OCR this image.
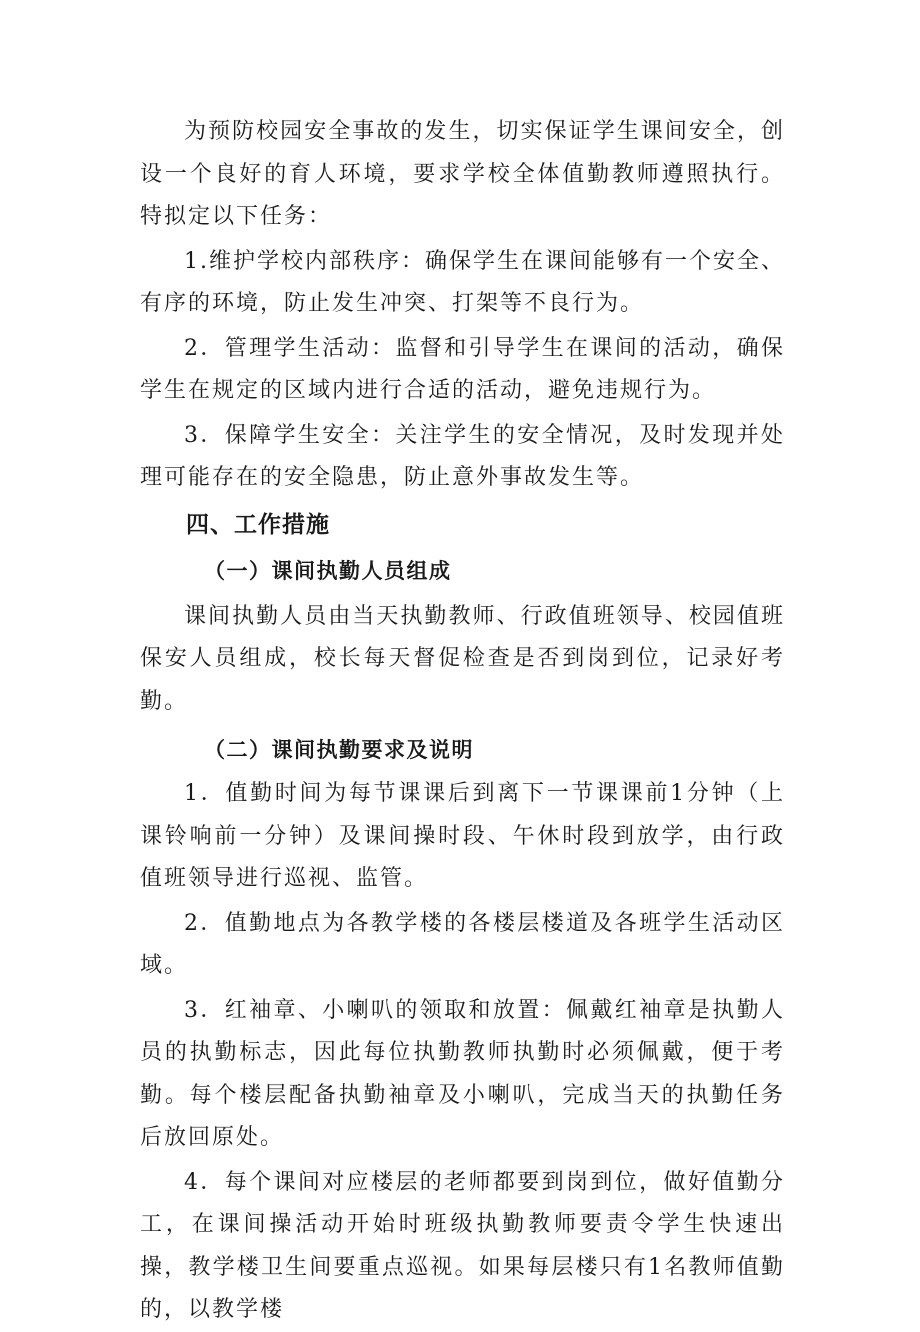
为预防校园安全事故的发生，切实保证学生课间安全，创设一个良好的育人环境，要求学校全体值勤教师遵照执行。特拟定以下任务：

1.维护学校内部秩序：确保学生在课间能够有一个安全、有序的环境，防止发生冲突、打架等不良行为。

2．管理学生活动：监督和引导学生在课间的活动，确保学生在规定的区域内进行合适的活动，避免违规行为。

3．保障学生安全：关注学生的安全情况，及时发现并处理可能存在的安全隐患，防止意外事故发生等。

四、工作措施
（一）课间执勤人员组成

课间执勤人员由当天执勤教师、行政值班领导、校园值班保安人员组成，校长每天督促检查是否到岗到位，记录好考勤。

（二）课间执勤要求及说明

1．值勤时间为每节课课后到离下一节课课前1分钟（上课铃响前一分钟）及课间操时段、午休时段到放学，由行政值班领导进行巡视、监管。

2．值勤地点为各教学楼的各楼层楼道及各班学生活动区域。

3．红袖章、小喇叭的领取和放置：佩戴红袖章是执勤人员的执勤标志，因此每位执勤教师执勤时必须佩戴，便于考勤。每个楼层配备执勤袖章及小喇叭，完成当天的执勤任务后放回原处。

4．每个课间对应楼层的老师都要到岗到位，做好值勤分工，在课间操活动开始时班级执勤教师要责令学生快速出操，教学楼卫生间要重点巡视。如果每层楼只有1名教师值勤的，以教学楼
